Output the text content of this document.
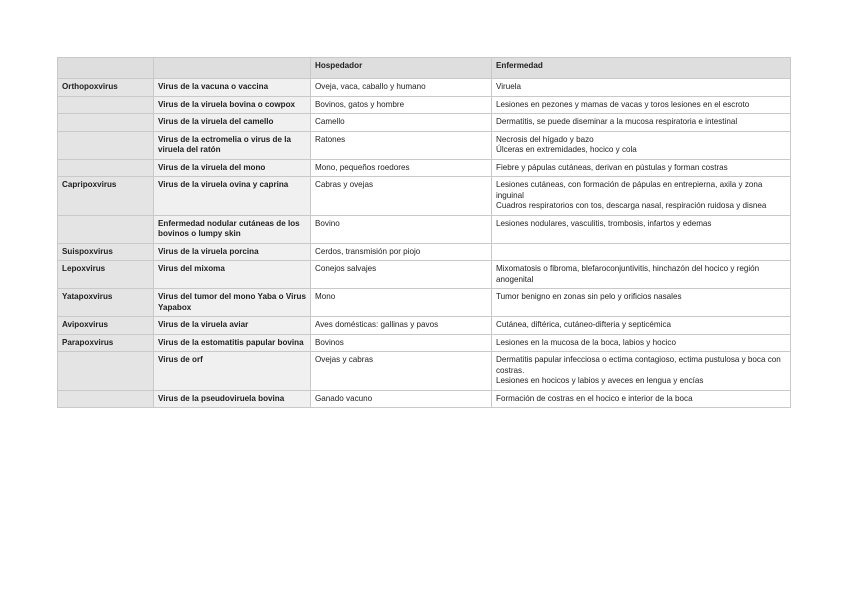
		Hospedador	Enfermedad
Orthopoxvirus	Virus de la vacuna o vaccina	Oveja, vaca, caballo y humano	Viruela

	Virus de la viruela bovina o cowpox	Bovinos, gatos y hombre	Lesiones en pezones y mamas de vacas y toros lesiones en el escroto

	Virus de la viruela del camello	Camello	Dermatitis, se puede diseminar a la mucosa respiratoria e intestinal

	Virus de la ectromelia o virus de la viruela del ratón	Ratones	Necrosis del hígado y bazo
Úlceras en extremidades, hocico y cola

	Virus de la viruela del mono	Mono, pequeños roedores	Fiebre y pápulas cutáneas, derivan en pústulas y forman costras

Capripoxvirus	Virus de la viruela ovina y caprina	Cabras y ovejas	Lesiones cutáneas, con formación de pápulas en entrepierna, axila y zona inguinal
Cuadros respiratorios con tos, descarga nasal, respiración ruidosa y disnea

	Enfermedad nodular cutáneas de los bovinos o lumpy skin	Bovino	Lesiones nodulares, vasculitis, trombosis, infartos y edemas

Suispoxvirus	Virus de la viruela porcina	Cerdos, transmisión por piojo	

Lepoxvirus	Virus del mixoma	Conejos salvajes	Mixomatosis o fibroma, blefaroconjuntivitis, hinchazón del hocico y región anogenital

Yatapoxvirus	Virus del tumor del mono Yaba o Virus Yapabox	Mono	Tumor benigno en zonas sin pelo y orificios nasales

Avipoxvirus	Virus de la viruela aviar	Aves domésticas: gallinas y pavos	Cutánea, diftérica, cutáneo-difteria y septicémica

Parapoxvirus	Virus de la estomatitis papular bovina	Bovinos	Lesiones en la mucosa de la boca, labios y hocico

	Virus de orf	Ovejas y cabras	Dermatitis papular infecciosa o ectima contagioso, ectima pustulosa y boca con costras.
Lesiones en hocicos y labios y aveces en lengua y encías

	Virus de la pseudoviruela bovina	Ganado vacuno	Formación de costras en el hocico e interior de la boca
